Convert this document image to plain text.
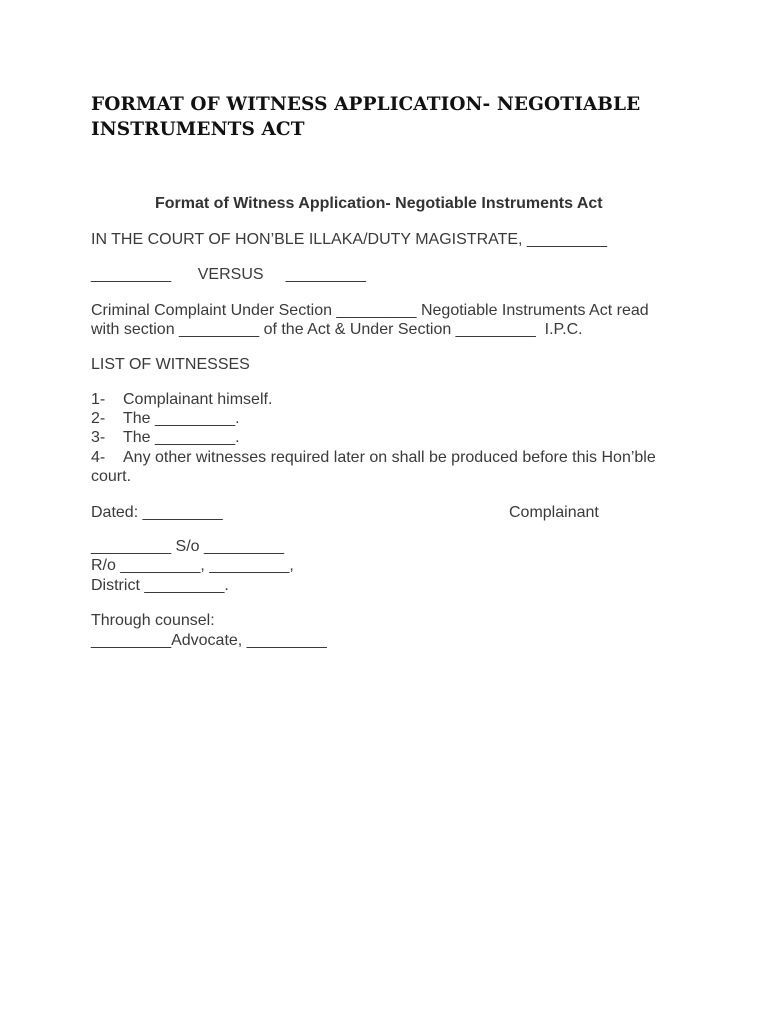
FORMAT OF WITNESS APPLICATION- NEGOTIABLE INSTRUMENTS ACT
Format of Witness Application- Negotiable Instruments Act
IN THE COURT OF HON’BLE ILLAKA/DUTY MAGISTRATE, _________
_________      VERSUS     _________
Criminal Complaint Under Section _________ Negotiable Instruments Act read
with section _________ of the Act & Under Section _________  I.P.C.
LIST OF WITNESSES
1- Complainant himself.
2- The _________.
3- The _________.
4- Any other witnesses required later on shall be produced before this Hon’ble
court.
Dated: _________	Complainant
_________ S/o _________
R/o _________, _________,
District _________.
Through counsel:
_________Advocate, _________
